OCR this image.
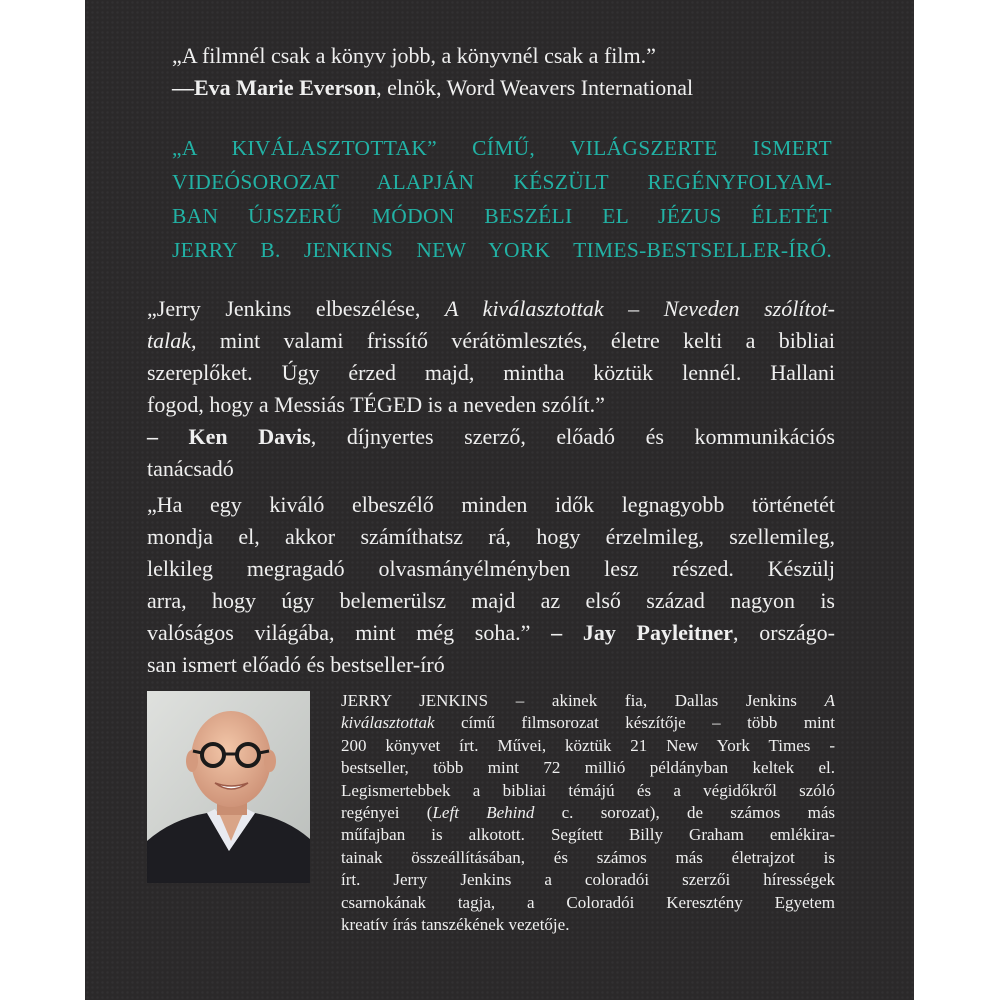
„A filmnél csak a könyv jobb, a könyvnél csak a film.”
—Eva Marie Everson, elnök, Word Weavers International
„A KIVÁLASZTOTTAK” CÍMŰ, VILÁGSZERTE ISMERT
VIDEÓSOROZAT ALAPJÁN KÉSZÜLT REGÉNYFOLYAM-
BAN ÚJSZERŰ MÓDON BESZÉLI EL JÉZUS ÉLETÉT
JERRY B. JENKINS NEW YORK TIMES-BESTSELLER-ÍRÓ.
„Jerry Jenkins elbeszélése, A kiválasztottak – Neveden szólítot-
talak, mint valami frissítő vérátömlesztés, életre kelti a bibliai
szereplőket. Úgy érzed majd, mintha köztük lennél. Hallani
fogod, hogy a Messiás TÉGED is a neveden szólít.”
– Ken Davis, díjnyertes szerző, előadó és kommunikációs
tanácsadó
„Ha egy kiváló elbeszélő minden idők legnagyobb történetét
mondja el, akkor számíthatsz rá, hogy érzelmileg, szellemileg,
lelkileg megragadó olvasmányélményben lesz részed. Készülj
arra, hogy úgy belemerülsz majd az első század nagyon is
valóságos világába, mint még soha.” – Jay Payleitner, országo-
san ismert előadó és bestseller-író
JERRY JENKINS – akinek fia, Dallas Jenkins A
kiválasztottak című filmsorozat készítője – több mint
200 könyvet írt. Művei, köztük 21 New York Times -
bestseller, több mint 72 millió példányban keltek el.
Legismertebbek a bibliai témájú és a végidőkről szóló
regényei (Left Behind c. sorozat), de számos más
műfajban is alkotott. Segített Billy Graham emlékira-
tainak összeállításában, és számos más életrajzot is
írt. Jerry Jenkins a coloradói szerzői hírességek
csarnokának tagja, a Coloradói Keresztény Egyetem
kreatív írás tanszékének vezetője.
